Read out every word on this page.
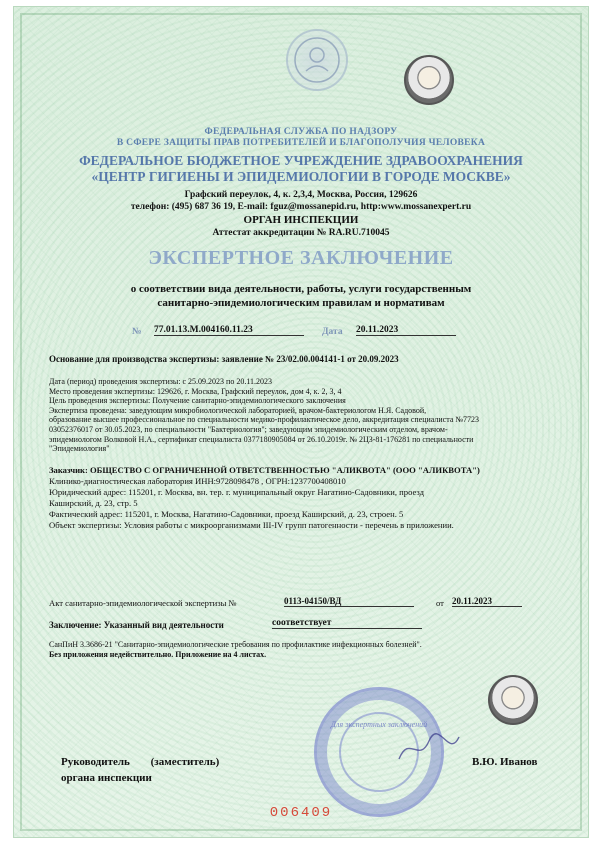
ФЕДЕРАЛЬНАЯ СЛУЖБА ПО НАДЗОРУ
В СФЕРЕ ЗАЩИТЫ ПРАВ ПОТРЕБИТЕЛЕЙ И БЛАГОПОЛУЧИЯ ЧЕЛОВЕКА
ФЕДЕРАЛЬНОЕ БЮДЖЕТНОЕ УЧРЕЖДЕНИЕ ЗДРАВООХРАНЕНИЯ
«ЦЕНТР ГИГИЕНЫ И ЭПИДЕМИОЛОГИИ В ГОРОДЕ МОСКВЕ»
Графский переулок, 4, к. 2,3,4, Москва, Россия, 129626
телефон: (495) 687 36 19, E-mail: fguz@mossanepid.ru, http:www.mossanexpert.ru
ОРГАН ИНСПЕКЦИИ
Аттестат аккредитации № RA.RU.710045
ЭКСПЕРТНОЕ ЗАКЛЮЧЕНИЕ
о соответствии вида деятельности, работы, услуги государственным
санитарно-эпидемиологическим правилам и нормативам
№ 77.01.13.М.004160.11.23	Дата 20.11.2023
Основание для производства экспертизы: заявление № 23/02.00.004141-1 от 20.09.2023
Дата (период) проведения экспертизы: с 25.09.2023 по 20.11.2023
Место проведения экспертизы: 129626, г. Москва, Графский переулок, дом 4, к. 2, 3, 4
Цель проведения экспертизы: Получение санитарно-эпидемиологического заключения
Экспертиза проведена: заведующим микробиологической лабораторией, врачом-бактериологом Н.Я. Садовой,
образование высшее профессиональное по специальности медико-профилактическое дело, аккредитация специалиста №7723
03052376017 от 30.05.2023, по специальности "Бактериология"; заведующим эпидемиологическим отделом, врачом-
эпидемиологом Волковой Н.А., сертификат специалиста 0377180905084 от 26.10.2019г. № 2ЦЗ-81-176281 по специальности
"Эпидемиология"
Заказчик: ОБЩЕСТВО С ОГРАНИЧЕННОЙ ОТВЕТСТВЕННОСТЬЮ "АЛИКВОТА" (ООО "АЛИКВОТА")
Клинико-диагностическая лаборатория ИНН:9728098478 , ОГРН:1237700408010
Юридический адрес: 115201, г. Москва, вн. тер. г. муниципальный округ Нагатино-Садовники, проезд
Каширский, д. 23, стр. 5
Фактический адрес: 115201, г. Москва, Нагатино-Садовники, проезд Каширский, д. 23, строен. 5
Объект экспертизы: Условия работы с микроорганизмами III-IV групп патогенности - перечень в приложении.
Акт санитарно-эпидемиологической экспертизы №	0113-04150/ВД	от 20.11.2023
Заключение: Указанный вид деятельности	соответствует
СанПиН 3.3686-21 "Санитарно-эпидемиологические требования по профилактике инфекционных болезней".
Без приложения недействительно. Приложение на 4 листах.
Для экспертных заключений
Руководитель (заместитель)
органа инспекции
В.Ю. Иванов
006409
